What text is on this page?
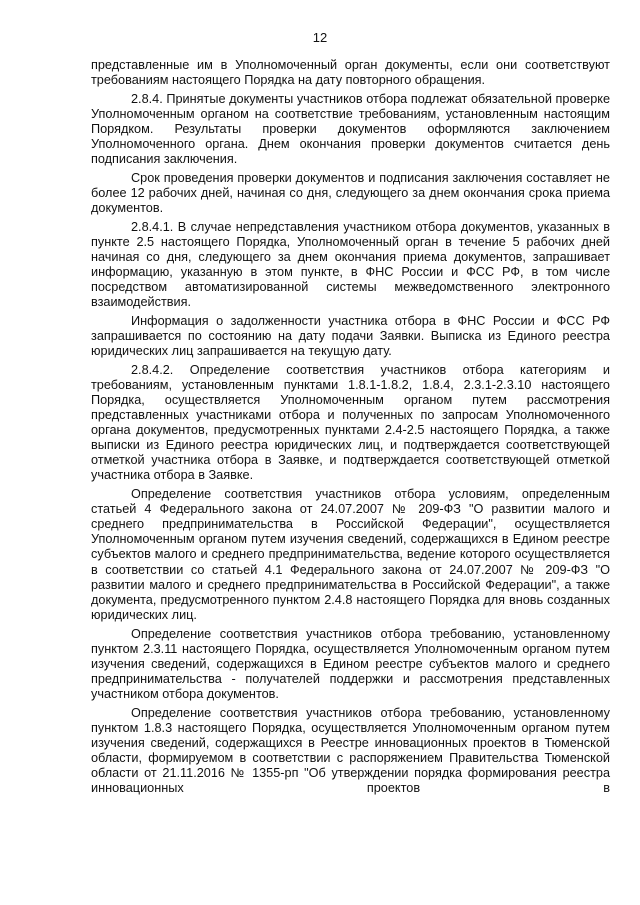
12

представленные им в Уполномоченный орган документы, если они соответствуют требованиям настоящего Порядка на дату повторного обращения.

2.8.4. Принятые документы участников отбора подлежат обязательной проверке Уполномоченным органом на соответствие требованиям, установленным настоящим Порядком. Результаты проверки документов оформляются заключением Уполномоченного органа. Днем окончания проверки документов считается день подписания заключения.

Срок проведения проверки документов и подписания заключения составляет не более 12 рабочих дней, начиная со дня, следующего за днем окончания срока приема документов.

2.8.4.1. В случае непредставления участником отбора документов, указанных в пункте 2.5 настоящего Порядка, Уполномоченный орган в течение 5 рабочих дней начиная со дня, следующего за днем окончания приема документов, запрашивает информацию, указанную в этом пункте, в ФНС России и ФСС РФ, в том числе посредством автоматизированной системы межведомственного электронного взаимодействия.

Информация о задолженности участника отбора в ФНС России и ФСС РФ запрашивается по состоянию на дату подачи Заявки. Выписка из Единого реестра юридических лиц запрашивается на текущую дату.

2.8.4.2. Определение соответствия участников отбора категориям и требованиям, установленным пунктами 1.8.1-1.8.2, 1.8.4, 2.3.1-2.3.10 настоящего Порядка, осуществляется Уполномоченным органом путем рассмотрения представленных участниками отбора и полученных по запросам Уполномоченного органа документов, предусмотренных пунктами 2.4-2.5 настоящего Порядка, а также выписки из Единого реестра юридических лиц, и подтверждается соответствующей отметкой участника отбора в Заявке, и подтверждается соответствующей отметкой участника отбора в Заявке.

Определение соответствия участников отбора условиям, определенным статьей 4 Федерального закона от 24.07.2007 № 209-ФЗ "О развитии малого и среднего предпринимательства в Российской Федерации", осуществляется Уполномоченным органом путем изучения сведений, содержащихся в Едином реестре субъектов малого и среднего предпринимательства, ведение которого осуществляется в соответствии со статьей 4.1 Федерального закона от 24.07.2007 № 209-ФЗ "О развитии малого и среднего предпринимательства в Российской Федерации", а также документа, предусмотренного пунктом 2.4.8 настоящего Порядка для вновь созданных юридических лиц.

Определение соответствия участников отбора требованию, установленному пунктом 2.3.11 настоящего Порядка, осуществляется Уполномоченным органом путем изучения сведений, содержащихся в Едином реестре субъектов малого и среднего предпринимательства - получателей поддержки и рассмотрения представленных участником отбора документов.

Определение соответствия участников отбора требованию, установленному пунктом 1.8.3 настоящего Порядка, осуществляется Уполномоченным органом путем изучения сведений, содержащихся в Реестре инновационных проектов в Тюменской области, формируемом в соответствии с распоряжением Правительства Тюменской области от 21.11.2016 № 1355-рп "Об утверждении порядка формирования реестра инновационных проектов в
